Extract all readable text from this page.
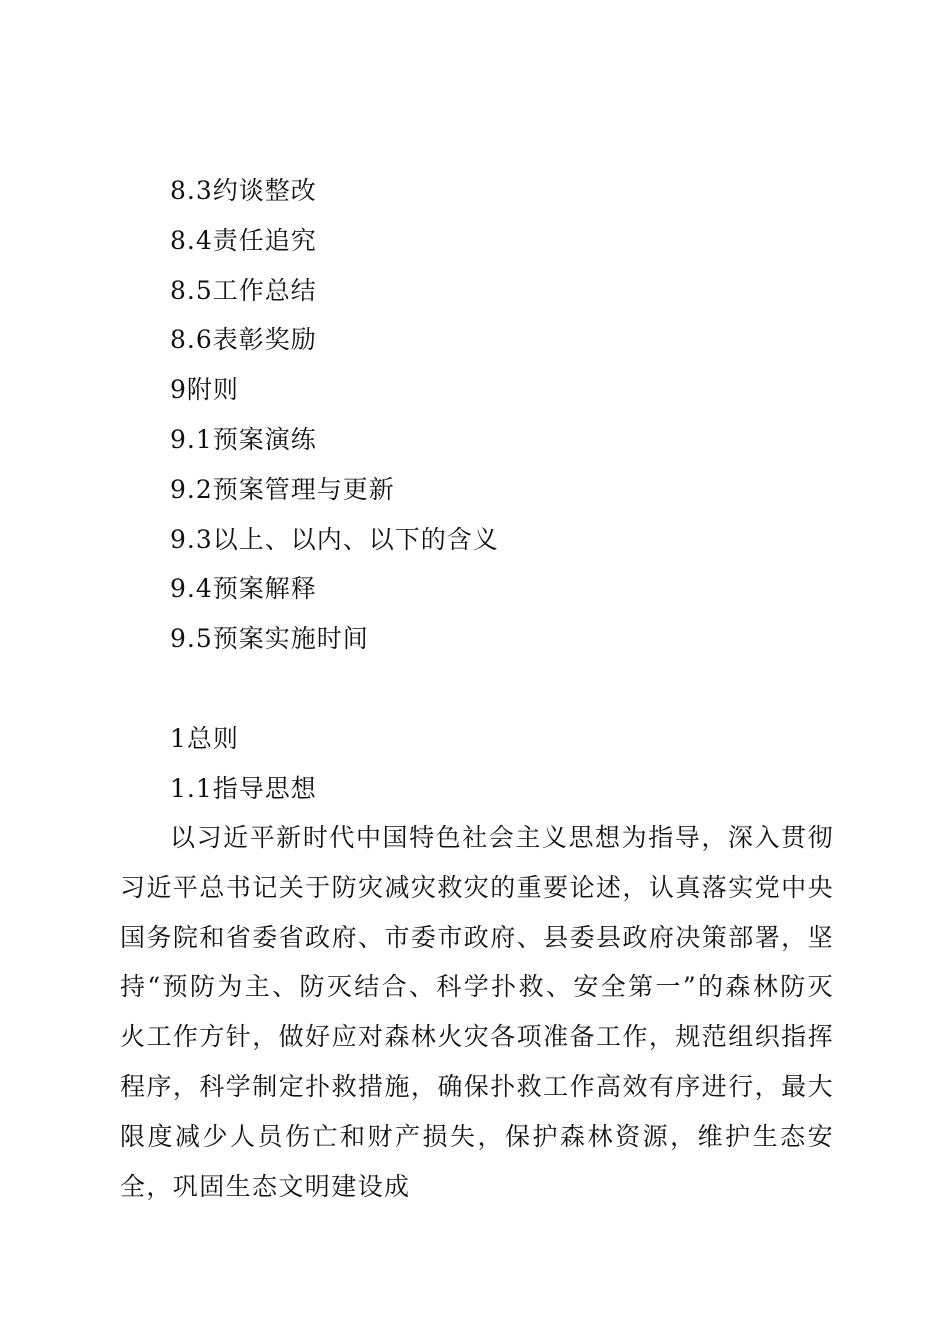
8.3约谈整改
8.4责任追究
8.5工作总结
8.6表彰奖励
9附则
9.1预案演练
9.2预案管理与更新
9.3以上、以内、以下的含义
9.4预案解释
9.5预案实施时间
1总则
1.1指导思想

以习近平新时代中国特色社会主义思想为指导，深入贯彻习近平总书记关于防灾减灾救灾的重要论述，认真落实党中央国务院和省委省政府、市委市政府、县委县政府决策部署，坚持“预防为主、防灭结合、科学扑救、安全第一”的森林防灭火工作方针，做好应对森林火灾各项准备工作，规范组织指挥程序，科学制定扑救措施，确保扑救工作高效有序进行，最大限度减少人员伤亡和财产损失，保护森林资源，维护生态安全，巩固生态文明建设成
